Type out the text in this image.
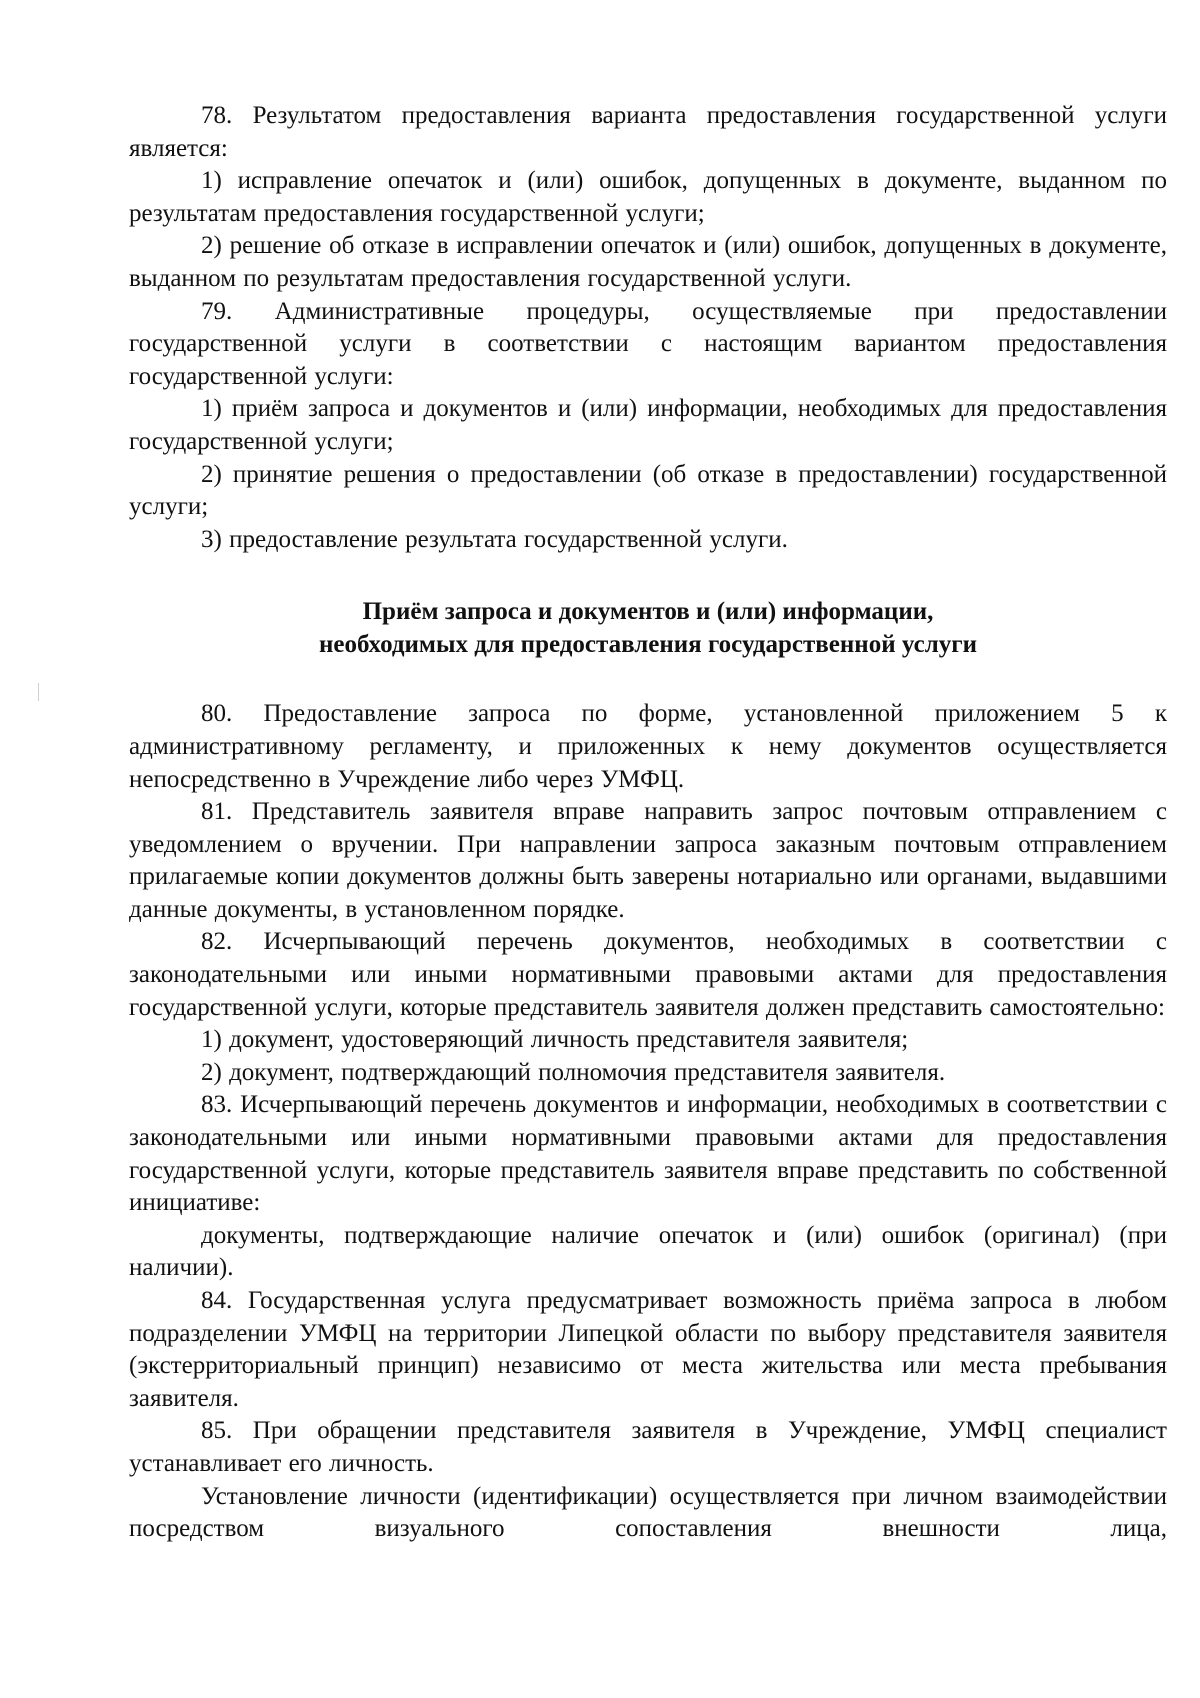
78. Результатом предоставления варианта предоставления государственной услуги является:

1) исправление опечаток и (или) ошибок, допущенных в документе, выданном по результатам предоставления государственной услуги;

2) решение об отказе в исправлении опечаток и (или) ошибок, допущенных в документе, выданном по результатам предоставления государственной услуги.

79. Административные процедуры, осуществляемые при предоставлении государственной услуги в соответствии с настоящим вариантом предоставления государственной услуги:

1) приём запроса и документов и (или) информации, необходимых для предоставления государственной услуги;

2) принятие решения о предоставлении (об отказе в предоставлении) государственной услуги;

3) предоставление результата государственной услуги.

Приём запроса и документов и (или) информации,
необходимых для предоставления государственной услуги

80. Предоставление запроса по форме, установленной приложением 5 к административному регламенту, и приложенных к нему документов осуществляется непосредственно в Учреждение либо через УМФЦ.

81. Представитель заявителя вправе направить запрос почтовым отправлением с уведомлением о вручении. При направлении запроса заказным почтовым отправлением прилагаемые копии документов должны быть заверены нотариально или органами, выдавшими данные документы, в установленном порядке.

82. Исчерпывающий перечень документов, необходимых в соответствии с законодательными или иными нормативными правовыми актами для предоставления государственной услуги, которые представитель заявителя должен представить самостоятельно:

1) документ, удостоверяющий личность представителя заявителя;

2) документ, подтверждающий полномочия представителя заявителя.

83. Исчерпывающий перечень документов и информации, необходимых в соответствии с законодательными или иными нормативными правовыми актами для предоставления государственной услуги, которые представитель заявителя вправе представить по собственной инициативе:

документы, подтверждающие наличие опечаток и (или) ошибок (оригинал) (при наличии).

84. Государственная услуга предусматривает возможность приёма запроса в любом подразделении УМФЦ на территории Липецкой области по выбору представителя заявителя (экстерриториальный принцип) независимо от места жительства или места пребывания заявителя.

85. При обращении представителя заявителя в Учреждение, УМФЦ специалист устанавливает его личность.

Установление личности (идентификации) осуществляется при личном взаимодействии посредством визуального сопоставления внешности лица,
